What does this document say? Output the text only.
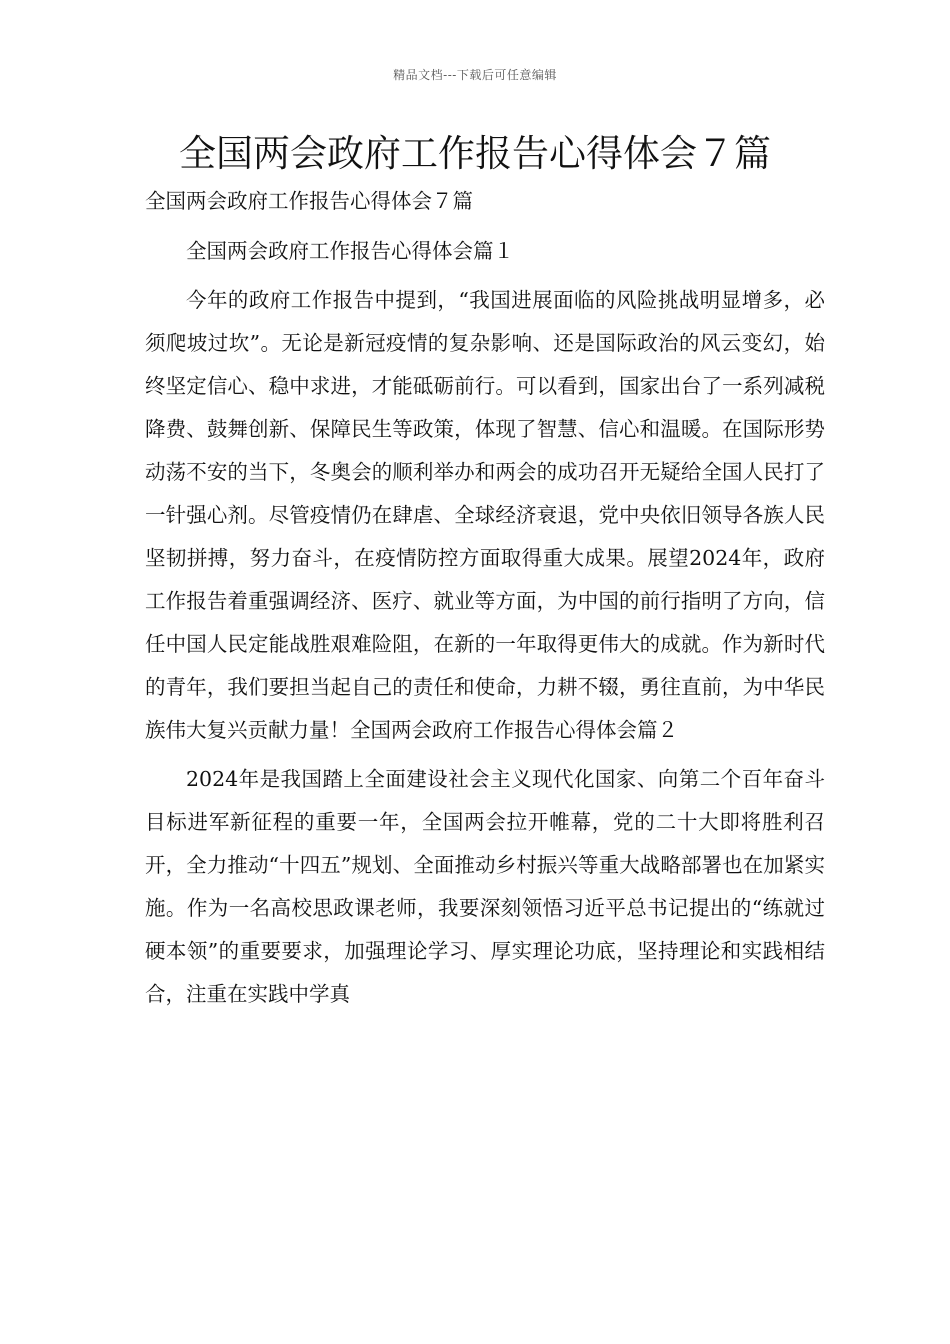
精品文档---下载后可任意编辑
全国两会政府工作报告心得体会７篇

全国两会政府工作报告心得体会７篇

全国两会政府工作报告心得体会篇１

今年的政府工作报告中提到，“我国进展面临的风险挑战明显增多，必须爬坡过坎”。无论是新冠疫情的复杂影响、还是国际政治的风云变幻，始终坚定信心、稳中求进，才能砥砺前行。可以看到，国家出台了一系列减税降费、鼓舞创新、保障民生等政策，体现了智慧、信心和温暖。在国际形势动荡不安的当下，冬奥会的顺利举办和两会的成功召开无疑给全国人民打了一针强心剂。尽管疫情仍在肆虐、全球经济衰退，党中央依旧领导各族人民坚韧拼搏，努力奋斗，在疫情防控方面取得重大成果。展望2024年，政府工作报告着重强调经济、医疗、就业等方面，为中国的前行指明了方向，信任中国人民定能战胜艰难险阻，在新的一年取得更伟大的成就。作为新时代的青年，我们要担当起自己的责任和使命，力耕不辍，勇往直前，为中华民族伟大复兴贡献力量！全国两会政府工作报告心得体会篇２

2024年是我国踏上全面建设社会主义现代化国家、向第二个百年奋斗目标进军新征程的重要一年，全国两会拉开帷幕，党的二十大即将胜利召开，全力推动“十四五”规划、全面推动乡村振兴等重大战略部署也在加紧实施。作为一名高校思政课老师，我要深刻领悟习近平总书记提出的“练就过硬本领”的重要要求，加强理论学习、厚实理论功底，坚持理论和实践相结合，注重在实践中学真
